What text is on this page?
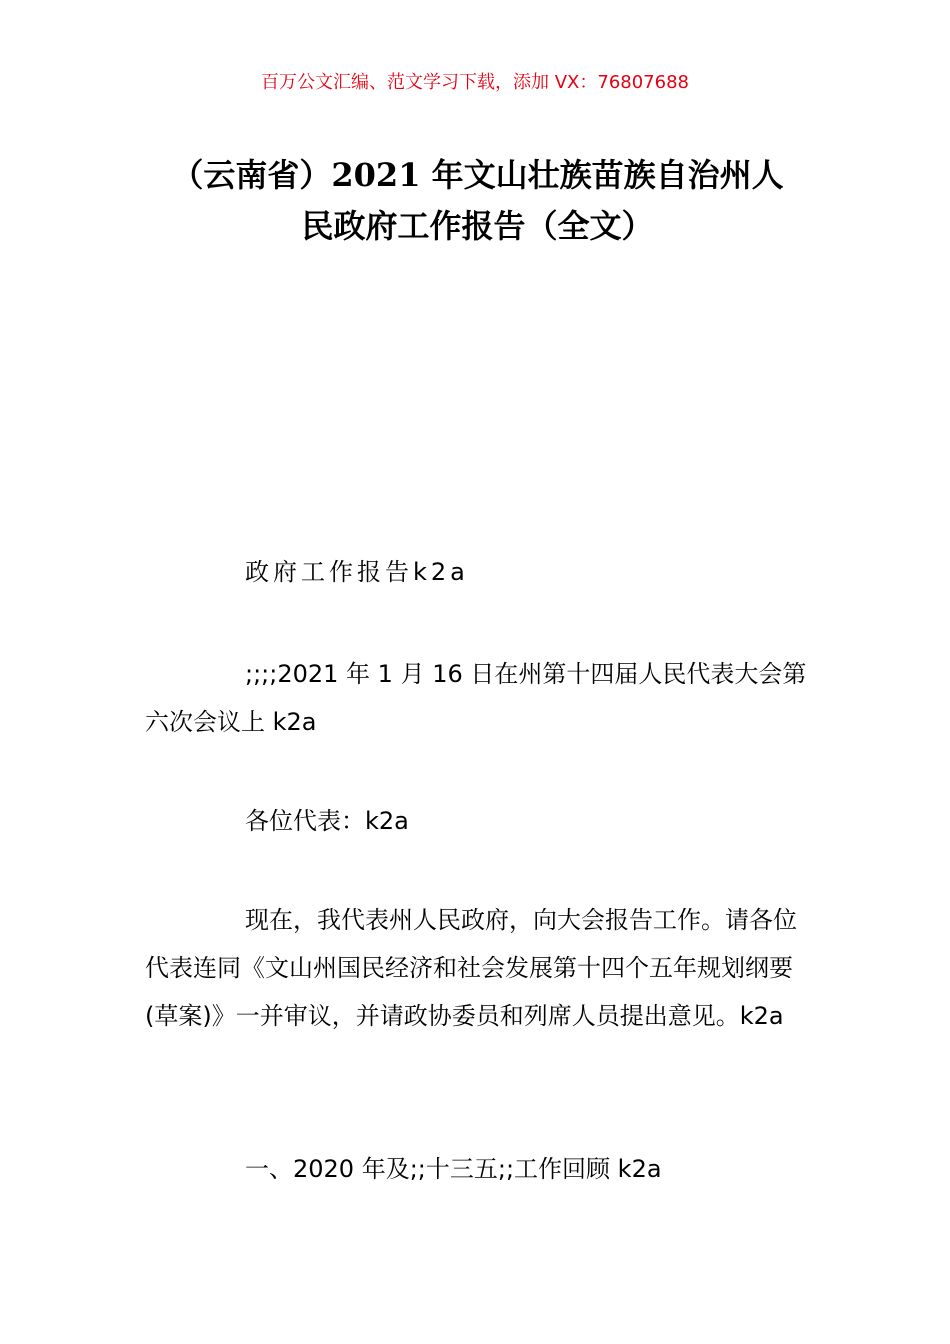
百万公文汇编、范文学习下载，添加 VX：76807688
（云南省）2021 年文山壮族苗族自治州人
民政府工作报告（全文）

政府工作报告k2a

;;;;2021 年 1 月 16 日在州第十四届人民代表大会第六次会议上 k2a

各位代表：k2a

现在，我代表州人民政府，向大会报告工作。请各位代表连同《文山州国民经济和社会发展第十四个五年规划纲要(草案)》一并审议，并请政协委员和列席人员提出意见。k2a

一、2020 年及;;十三五;;工作回顾 k2a
